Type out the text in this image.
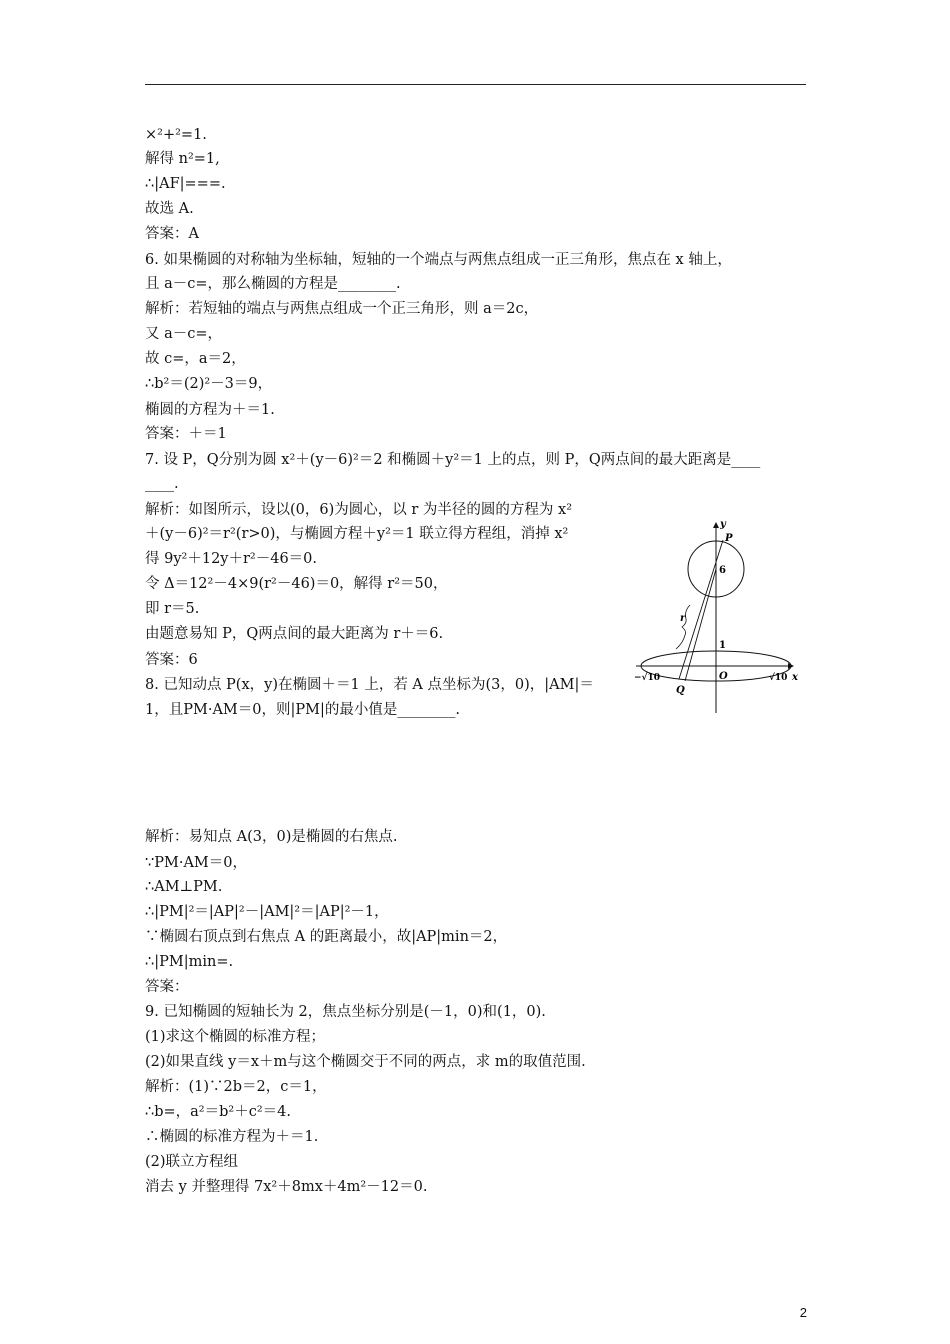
×²+²=1.
解得 n²=1,
∴|AF|===.
故选 A.
答案：A
6. 如果椭圆的对称轴为坐标轴，短轴的一个端点与两焦点组成一正三角形，焦点在 x 轴上，
且 a－c=，那么椭圆的方程是________.
解析：若短轴的端点与两焦点组成一个正三角形，则 a＝2c，
又 a－c=，
故 c=，a＝2，
∴b²＝(2)²－3＝9，
椭圆的方程为＋＝1.
答案：＋＝1
7. 设 P，Q分别为圆 x²＋(y－6)²＝2 和椭圆＋y²＝1 上的点，则 P，Q两点间的最大距离是____
____.
解析：如图所示，设以(0，6)为圆心，以 r 为半径的圆的方程为 x²
＋(y－6)²＝r²(r>0)，与椭圆方程＋y²＝1 联立得方程组，消掉 x²
得 9y²＋12y＋r²－46＝0.
令 Δ＝12²－4×9(r²－46)＝0，解得 r²＝50，
即 r＝5.
由题意易知 P，Q两点间的最大距离为 r＋＝6.
答案：6
8. 已知动点 P(x，y)在椭圆＋＝1 上，若 A 点坐标为(3，0)，|AM|＝
1，且PM·AM＝0，则|PM|的最小值是________.
解析：易知点 A(3，0)是椭圆的右焦点.
∵PM·AM＝0，
∴AM⊥PM.
∴|PM|²＝|AP|²－|AM|²＝|AP|²－1，
∵椭圆右顶点到右焦点 A 的距离最小，故|AP|min＝2，
∴|PM|min=.
答案：
9. 已知椭圆的短轴长为 2，焦点坐标分别是(－1，0)和(1，0).
(1)求这个椭圆的标准方程；
(2)如果直线 y＝x＋m与这个椭圆交于不同的两点，求 m的取值范围.
解析：(1)∵2b＝2，c＝1，
∴b=，a²＝b²＋c²＝4.
∴椭圆的标准方程为＋＝1.
(2)联立方程组
消去 y 并整理得 7x²＋8mx＋4m²－12＝0.
y
P
6
r
1
O
Q
−√10	√10 x
2
